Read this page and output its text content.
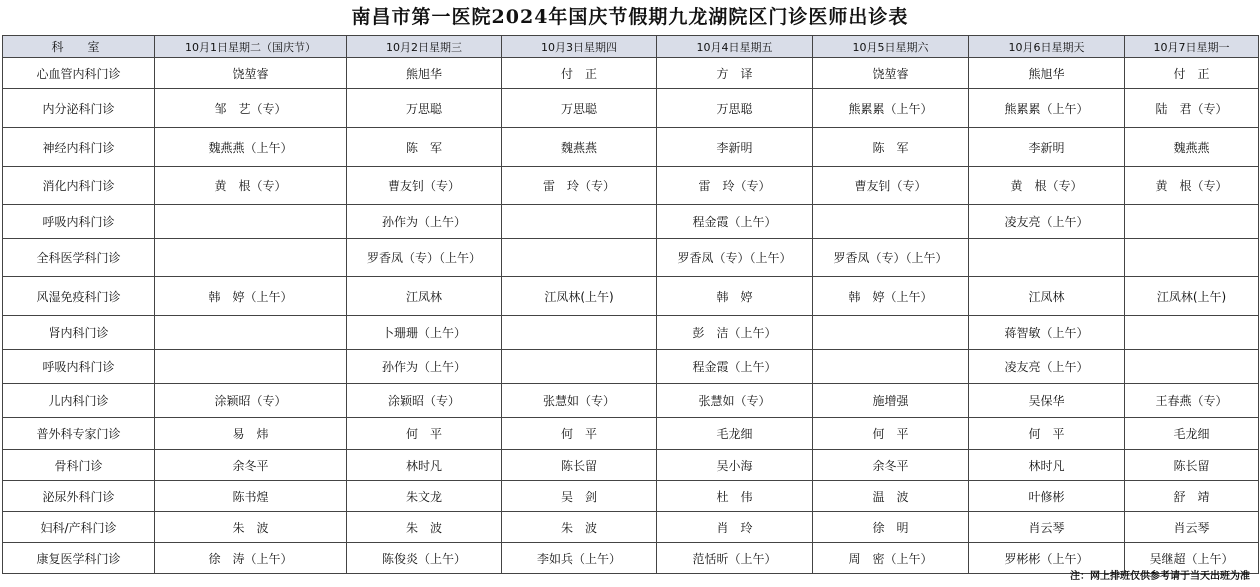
南昌市第一医院2024年国庆节假期九龙湖院区门诊医师出诊表
科　室	10月1日星期二（国庆节）	10月2日星期三	10月3日星期四	10月4日星期五	10月5日星期六	10月6日星期天	10月7日星期一
心血管内科门诊	饶堃睿	熊旭华	付　正	方　译	饶堃睿	熊旭华	付　正
内分泌科门诊	邹　艺（专）	万思聪	万思聪	万思聪	熊累累（上午）	熊累累（上午）	陆　君（专）
神经内科门诊	魏燕燕（上午）	陈　军	魏燕燕	李新明	陈　军	李新明	魏燕燕
消化内科门诊	黄　根（专）	曹友钊（专）	雷　玲（专）	雷　玲（专）	曹友钊（专）	黄　根（专）	黄　根（专）
呼吸内科门诊		孙作为（上午）		程金霞（上午）		凌友亮（上午）	
全科医学科门诊		罗香凤（专）（上午）		罗香凤（专）（上午）	罗香凤（专）（上午）		
风湿免疫科门诊	韩　婷（上午）	江凤林	江凤林(上午)	韩　婷	韩　婷（上午）	江凤林	江凤林(上午)
肾内科门诊		卜珊珊（上午）		彭　洁（上午）		蒋智敏（上午）	
呼吸内科门诊		孙作为（上午）		程金霞（上午）		凌友亮（上午）	
儿内科门诊	涂颖昭（专）	涂颖昭（专）	张慧如（专）	张慧如（专）	施增强	吴保华	王春燕（专）
普外科专家门诊	易　炜	何　平	何　平	毛龙细	何　平	何　平	毛龙细
骨科门诊	余冬平	林时凡	陈长留	吴小海	余冬平	林时凡	陈长留
泌尿外科门诊	陈书煌	朱文龙	吴　剑	杜　伟	温　波	叶修彬	舒　靖
妇科/产科门诊	朱　波	朱　波	朱　波	肖　玲	徐　明	肖云琴	肖云琴
康复医学科门诊	徐　涛（上午）	陈俊炎（上午）	李如兵（上午）	范恬昕（上午）	周　密（上午）	罗彬彬（上午）	吴继超（上午）
注：网上排班仅供参考请于当天出班为准
